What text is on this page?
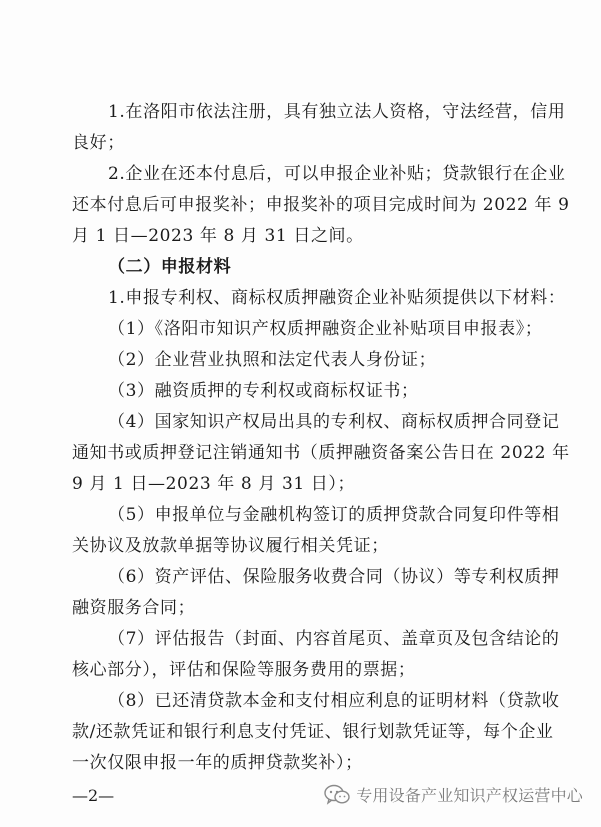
1.在洛阳市依法注册，具有独立法人资格，守法经营，信用
良好；
2.企业在还本付息后，可以申报企业补贴；贷款银行在企业
还本付息后可申报奖补；申报奖补的项目完成时间为 2022 年 9
月 1 日—2023 年 8 月 31 日之间。
（二）申报材料
1.申报专利权、商标权质押融资企业补贴须提供以下材料：
（1）《洛阳市知识产权质押融资企业补贴项目申报表》；
（2）企业营业执照和法定代表人身份证；
（3）融资质押的专利权或商标权证书；
（4）国家知识产权局出具的专利权、商标权质押合同登记
通知书或质押登记注销通知书（质押融资备案公告日在 2022 年
9 月 1 日—2023 年 8 月 31 日）；
（5）申报单位与金融机构签订的质押贷款合同复印件等相
关协议及放款单据等协议履行相关凭证；
（6）资产评估、保险服务收费合同（协议）等专利权质押
融资服务合同；
（7）评估报告（封面、内容首尾页、盖章页及包含结论的
核心部分），评估和保险等服务费用的票据；
（8）已还清贷款本金和支付相应利息的证明材料（贷款收
款/还款凭证和银行利息支付凭证、银行划款凭证等，每个企业
一次仅限申报一年的质押贷款奖补）；
—2—	专用设备产业知识产权运营中心
